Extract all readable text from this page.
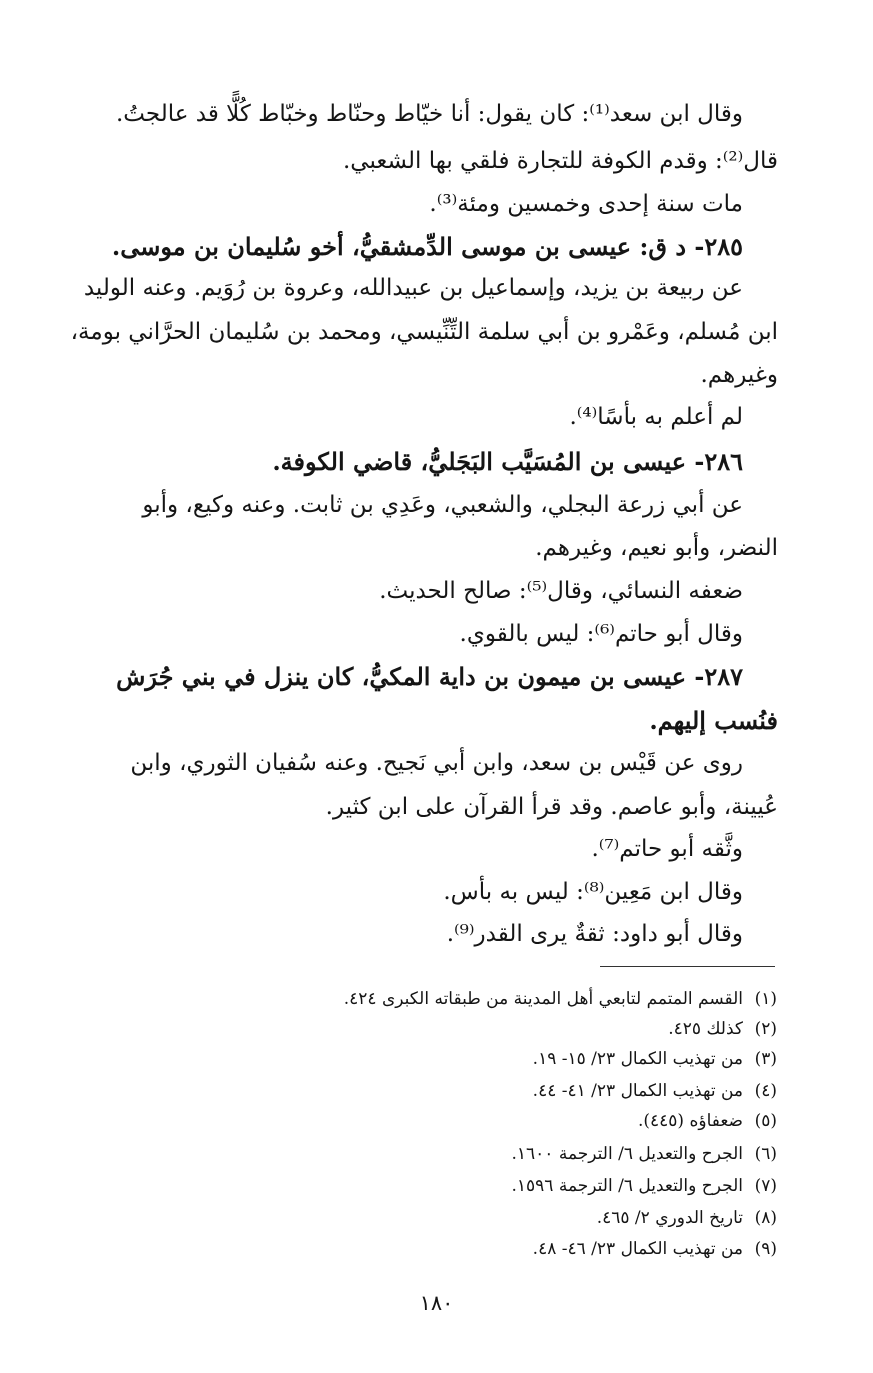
وقال ابن سعد⁽¹⁾: كان يقول: أنا خيّاط وحنّاط وخبّاط كُلًّا قد عالجتُ.
قال⁽²⁾: وقدم الكوفة للتجارة فلقي بها الشعبي.
مات سنة إحدى وخمسين ومئة⁽³⁾.
٢٨٥- د ق: عيسى بن موسى الدِّمشقيُّ، أخو سُليمان بن موسى.
عن ربيعة بن يزيد، وإسماعيل بن عبيدالله، وعروة بن رُوَيم. وعنه الوليد
ابن مُسلم، وعَمْرو بن أبي سلمة التِّنِّيسي، ومحمد بن سُليمان الحرَّاني بومة،
وغيرهم.
لم أعلم به بأسًا⁽⁴⁾.
٢٨٦- عيسى بن المُسَيَّب البَجَليُّ، قاضي الكوفة.
عن أبي زرعة البجلي، والشعبي، وعَدِي بن ثابت. وعنه وكيع، وأبو
النضر، وأبو نعيم، وغيرهم.
ضعفه النسائي، وقال⁽⁵⁾: صالح الحديث.
وقال أبو حاتم⁽⁶⁾: ليس بالقوي.
٢٨٧- عيسى بن ميمون بن داية المكيُّ، كان ينزل في بني جُرَش
فنُسب إليهم.
روى عن قَيْس بن سعد، وابن أبي نَجيح. وعنه سُفيان الثوري، وابن
عُيينة، وأبو عاصم. وقد قرأ القرآن على ابن كثير.
وثَّقه أبو حاتم⁽⁷⁾.
وقال ابن مَعِين⁽⁸⁾: ليس به بأس.
وقال أبو داود: ثقةٌ يرى القدر⁽⁹⁾.
(١)القسم المتمم لتابعي أهل المدينة من طبقاته الكبرى ٤٢٤.
(٢)كذلك ٤٢٥.
(٣)من تهذيب الكمال ٢٣/ ١٥- ١٩.
(٤)من تهذيب الكمال ٢٣/ ٤١- ٤٤.
(٥)ضعفاؤه (٤٤٥).
(٦)الجرح والتعديل ٦/ الترجمة ١٦٠٠.
(٧)الجرح والتعديل ٦/ الترجمة ١٥٩٦.
(٨)تاريخ الدوري ٢/ ٤٦٥.
(٩)من تهذيب الكمال ٢٣/ ٤٦- ٤٨.
١٨٠
